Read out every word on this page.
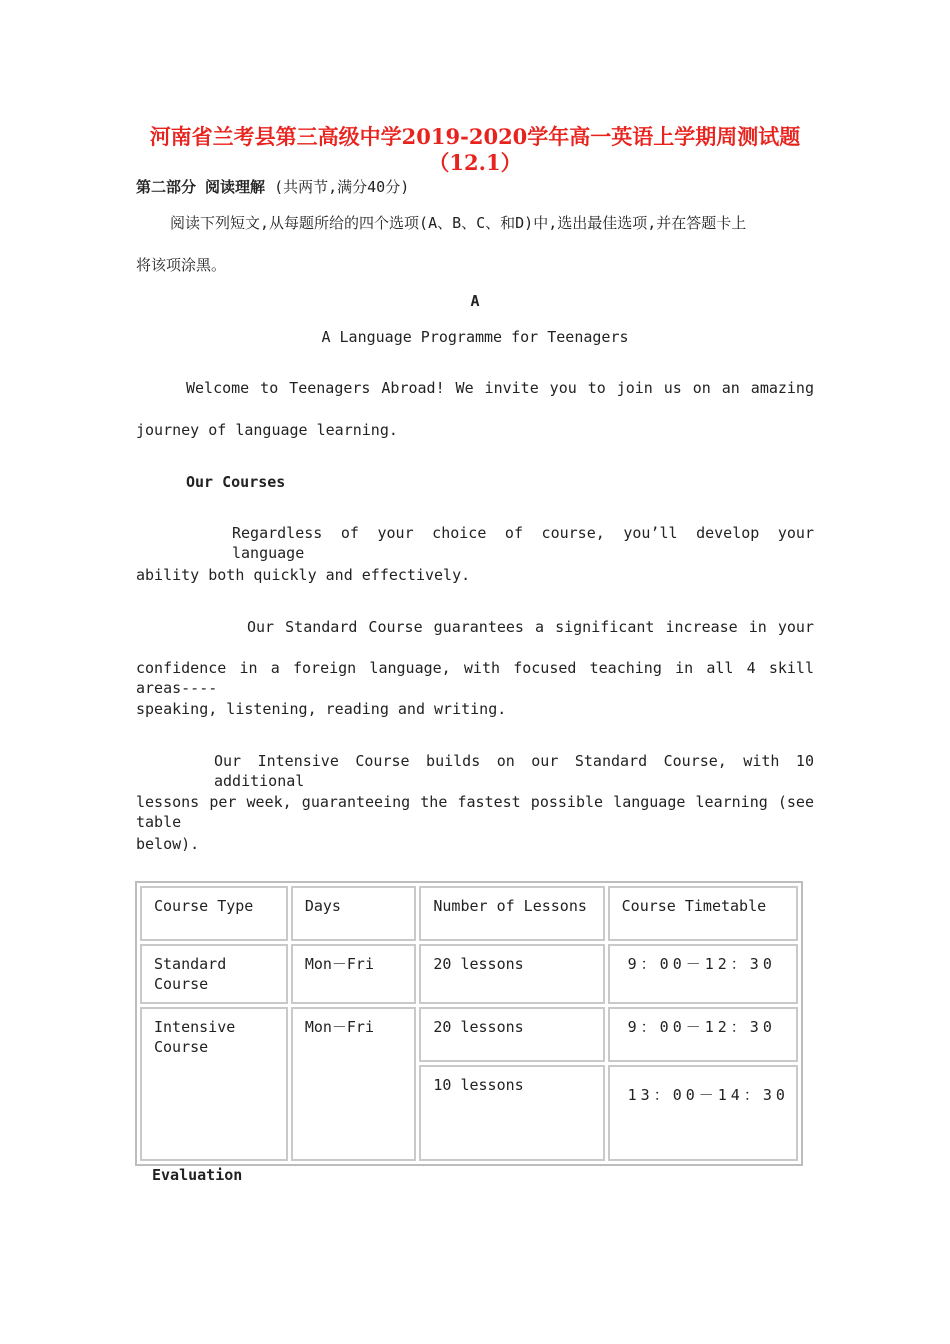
河南省兰考县第三高级中学2019-2020学年高一英语上学期周测试题
（12.1）
第二部分 阅读理解 (共两节,满分40分)
阅读下列短文,从每题所给的四个选项(A、B、C、和D)中,选出最佳选项,并在答题卡上
将该项涂黑。
A
A Language Programme for Teenagers
Welcome to Teenagers Abroad! We invite you to join us on an amazing
journey of language learning.
Our Courses
Regardless of your choice of course, you’ll develop your language
ability both quickly and effectively.
Our Standard Course guarantees a significant increase in your
confidence in a foreign language, with focused teaching in all 4 skill areas----
speaking, listening, reading and writing.
Our Intensive Course builds on our Standard Course, with 10 additional
lessons per week, guaranteeing the fastest possible language learning (see table
below).
Course Type	Days	Number of Lessons	Course Timetable
Standard Course	Mon－Fri	20 lessons	9：00－12：30
Intensive Course	Mon－Fri	20 lessons	9：00－12：30
		10 lessons	13：00－14：30
Evaluation
